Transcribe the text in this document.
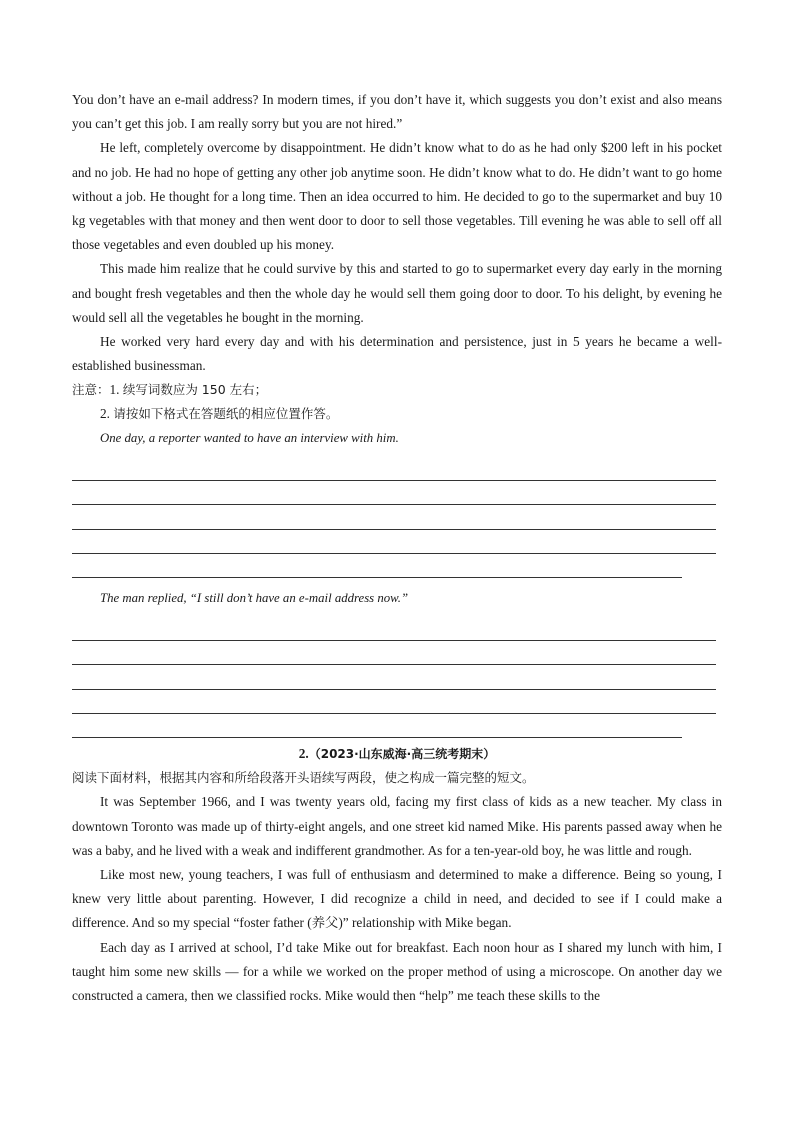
You don’t have an e-mail address? In modern times, if you don’t have it, which suggests you don’t exist and also means you can’t get this job. I am really sorry but you are not hired.”

He left, completely overcome by disappointment. He didn’t know what to do as he had only $200 left in his pocket and no job. He had no hope of getting any other job anytime soon. He didn’t know what to do. He didn’t want to go home without a job. He thought for a long time. Then an idea occurred to him. He decided to go to the supermarket and buy 10 kg vegetables with that money and then went door to door to sell those vegetables. Till evening he was able to sell off all those vegetables and even doubled up his money.

This made him realize that he could survive by this and started to go to supermarket every day early in the morning and bought fresh vegetables and then the whole day he would sell them going door to door. To his delight, by evening he would sell all the vegetables he bought in the morning.

He worked very hard every day and with his determination and persistence, just in 5 years he became a well-established businessman.

注意：1. 续写词数应为 150 左右；
2. 请按如下格式在答题纸的相应位置作答。
One day, a reporter wanted to have an interview with him.
The man replied, “I still don’t have an e-mail address now.”
2.（2023·山东威海·高三统考期末）
阅读下面材料，根据其内容和所给段落开头语续写两段，使之构成一篇完整的短文。

It was September 1966, and I was twenty years old, facing my first class of kids as a new teacher. My class in downtown Toronto was made up of thirty-eight angels, and one street kid named Mike. His parents passed away when he was a baby, and he lived with a weak and indifferent grandmother. As for a ten-year-old boy, he was little and rough.

Like most new, young teachers, I was full of enthusiasm and determined to make a difference. Being so young, I knew very little about parenting. However, I did recognize a child in need, and decided to see if I could make a difference. And so my special “foster father (养父)” relationship with Mike began.

Each day as I arrived at school, I’d take Mike out for breakfast. Each noon hour as I shared my lunch with him, I taught him some new skills — for a while we worked on the proper method of using a microscope. On another day we constructed a camera, then we classified rocks. Mike would then “help” me teach these skills to the
